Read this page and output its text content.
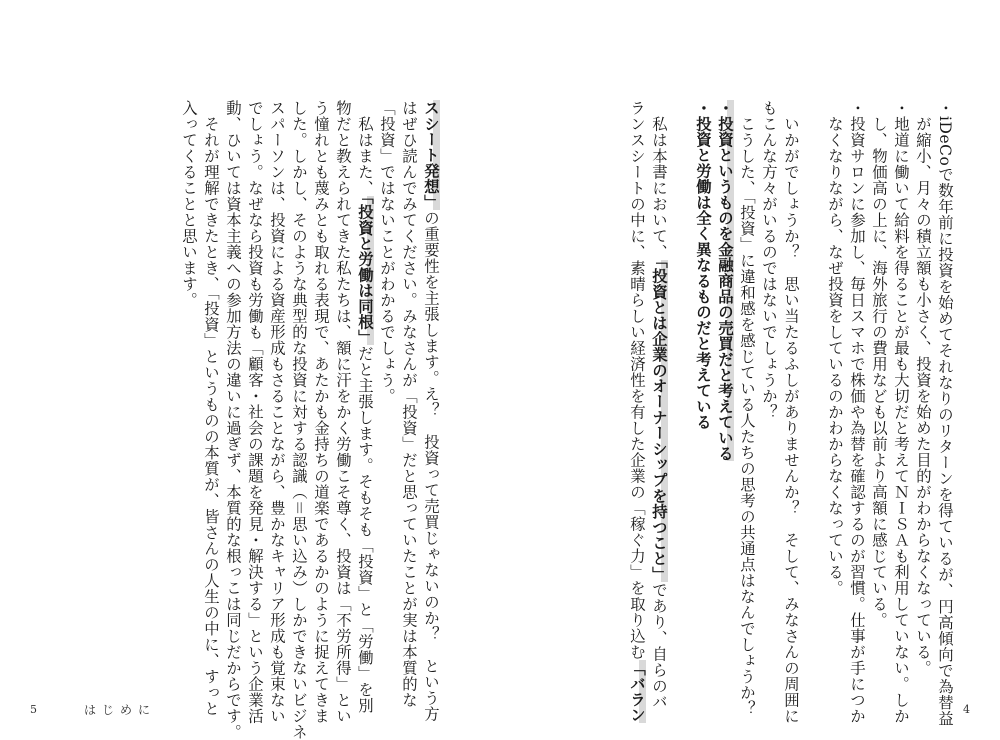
・iDeCoで数年前に投資を始めてそれなりのリターンを得ているが、円高傾向で為替益
　が縮小、月々の積立額も小さく、投資を始めた目的がわからなくなっている。
・地道に働いて給料を得ることが最も大切だと考えてＮＩＳＡも利用していない。しか
　し、物価高の上に、海外旅行の費用なども以前より高額に感じている。
・投資サロンに参加し、毎日スマホで株価や為替を確認するのが習慣。仕事が手につか
　なくなりながら、なぜ投資をしているのかわからなくなっている。

　いかがでしょうか？　思い当たるふしがありませんか？　そして、みなさんの周囲に
もこんな方々がいるのではないでしょうか？
　こうした、「投資」に違和感を感じている人たちの思考の共通点はなんでしょうか？
・投資というものを金融商品の売買だと考えている
・投資と労働は全く異なるものだと考えている

　私は本書において、「投資とは企業のオーナーシップを持つこと」であり、自らのバ
ランスシートの中に、素晴らしい経済性を有した企業の「稼ぐ力」を取り込む「バラン	4
スシート発想」の重要性を主張します。え？　投資って売買じゃないのか？　という方
はぜひ読んでみてください。みなさんが「投資」だと思っていたことが実は本質的な
「投資」ではないことがわかるでしょう。
　私はまた、「投資と労働は同根」だと主張します。そもそも「投資」と「労働」を別
物だと教えられてきた私たちは、額に汗をかく労働こそ尊く、投資は「不労所得」とい
う憧れとも蔑みとも取れる表現で、あたかも金持ちの道楽であるかのように捉えてきま
した。しかし、そのような典型的な投資に対する認識（＝思い込み）しかできないビジネ
スパーソンは、投資による資産形成もさることながら、豊かなキャリア形成も覚束ない
でしょう。なぜなら投資も労働も「顧客・社会の課題を発見・解決する」という企業活
動、ひいては資本主義への参加方法の違いに過ぎず、本質的な根っこは同じだからです。
　それが理解できたとき、「投資」というものの本質が、皆さんの人生の中に、すっと
入ってくることと思います。
5	はじめに
